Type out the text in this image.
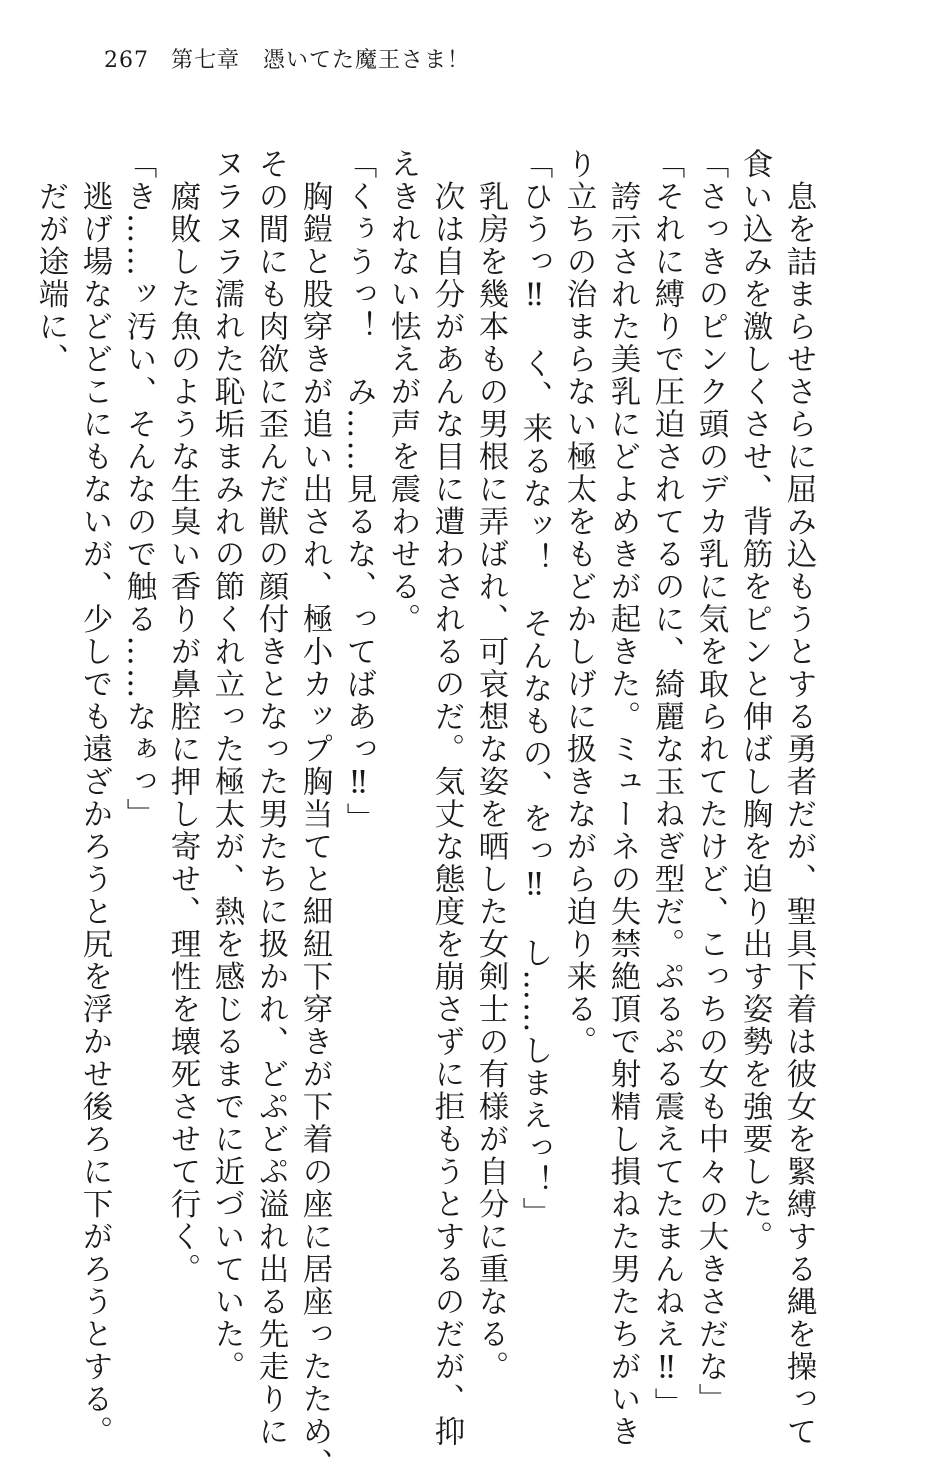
267 第七章　憑いてた魔王さま！
　息を詰まらせさらに屈み込もうとする勇者だが、聖具下着は彼女を緊縛する縄を操って
食い込みを激しくさせ、背筋をピンと伸ばし胸を迫り出す姿勢を強要した。
「さっきのピンク頭のデカ乳に気を取られてたけど、こっちの女も中々の大きさだな」
「それに縛りで圧迫されてるのに、綺麗な玉ねぎ型だ。ぷるぷる震えてたまんねえ‼」
　誇示された美乳にどよめきが起きた。ミューネの失禁絶頂で射精し損ねた男たちがいき
り立ちの治まらない極太をもどかしげに扱きながら迫り来る。
「ひうっ‼　く、来るなッ！　そんなもの、をっ‼　し……しまえっ！」
　乳房を幾本もの男根に弄ばれ、可哀想な姿を晒した女剣士の有様が自分に重なる。
　次は自分があんな目に遭わされるのだ。気丈な態度を崩さずに拒もうとするのだが、抑
えきれない怯えが声を震わせる。
「くぅうっ！　み……見るな、ってばあっ‼」
　胸鎧と股穿きが追い出され、極小カップ胸当てと細紐下穿きが下着の座に居座ったため、
その間にも肉欲に歪んだ獣の顔付きとなった男たちに扱かれ、どぷどぷ溢れ出る先走りに
ヌラヌラ濡れた恥垢まみれの節くれ立った極太が、熱を感じるまでに近づいていた。
　腐敗した魚のような生臭い香りが鼻腔に押し寄せ、理性を壊死させて行く。
「き……ッ汚い、そんなので触る……なぁっ」
　逃げ場などどこにもないが、少しでも遠ざかろうと尻を浮かせ後ろに下がろうとする。
　だが途端に、
